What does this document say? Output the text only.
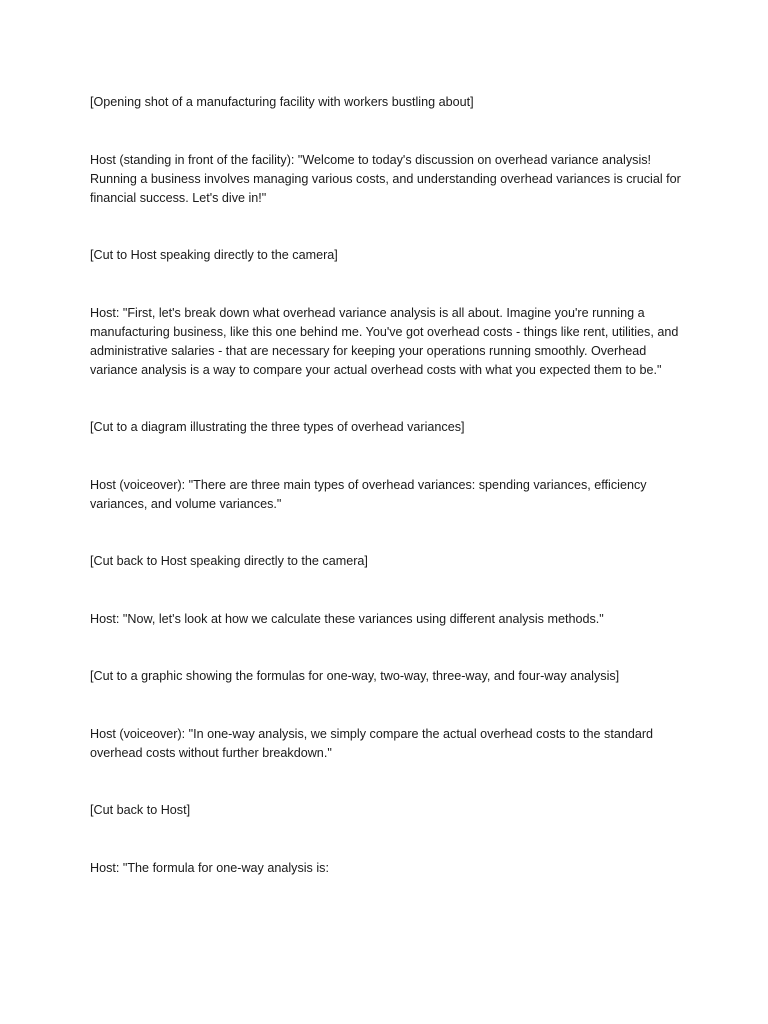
[Opening shot of a manufacturing facility with workers bustling about]

Host (standing in front of the facility): "Welcome to today's discussion on overhead variance analysis! Running a business involves managing various costs, and understanding overhead variances is crucial for financial success. Let's dive in!"

[Cut to Host speaking directly to the camera]

Host: "First, let's break down what overhead variance analysis is all about. Imagine you're running a manufacturing business, like this one behind me. You've got overhead costs - things like rent, utilities, and administrative salaries - that are necessary for keeping your operations running smoothly. Overhead variance analysis is a way to compare your actual overhead costs with what you expected them to be."

[Cut to a diagram illustrating the three types of overhead variances]

Host (voiceover): "There are three main types of overhead variances: spending variances, efficiency variances, and volume variances."

[Cut back to Host speaking directly to the camera]

Host: "Now, let's look at how we calculate these variances using different analysis methods."

[Cut to a graphic showing the formulas for one-way, two-way, three-way, and four-way analysis]

Host (voiceover): "In one-way analysis, we simply compare the actual overhead costs to the standard overhead costs without further breakdown."

[Cut back to Host]

Host: "The formula for one-way analysis is:
